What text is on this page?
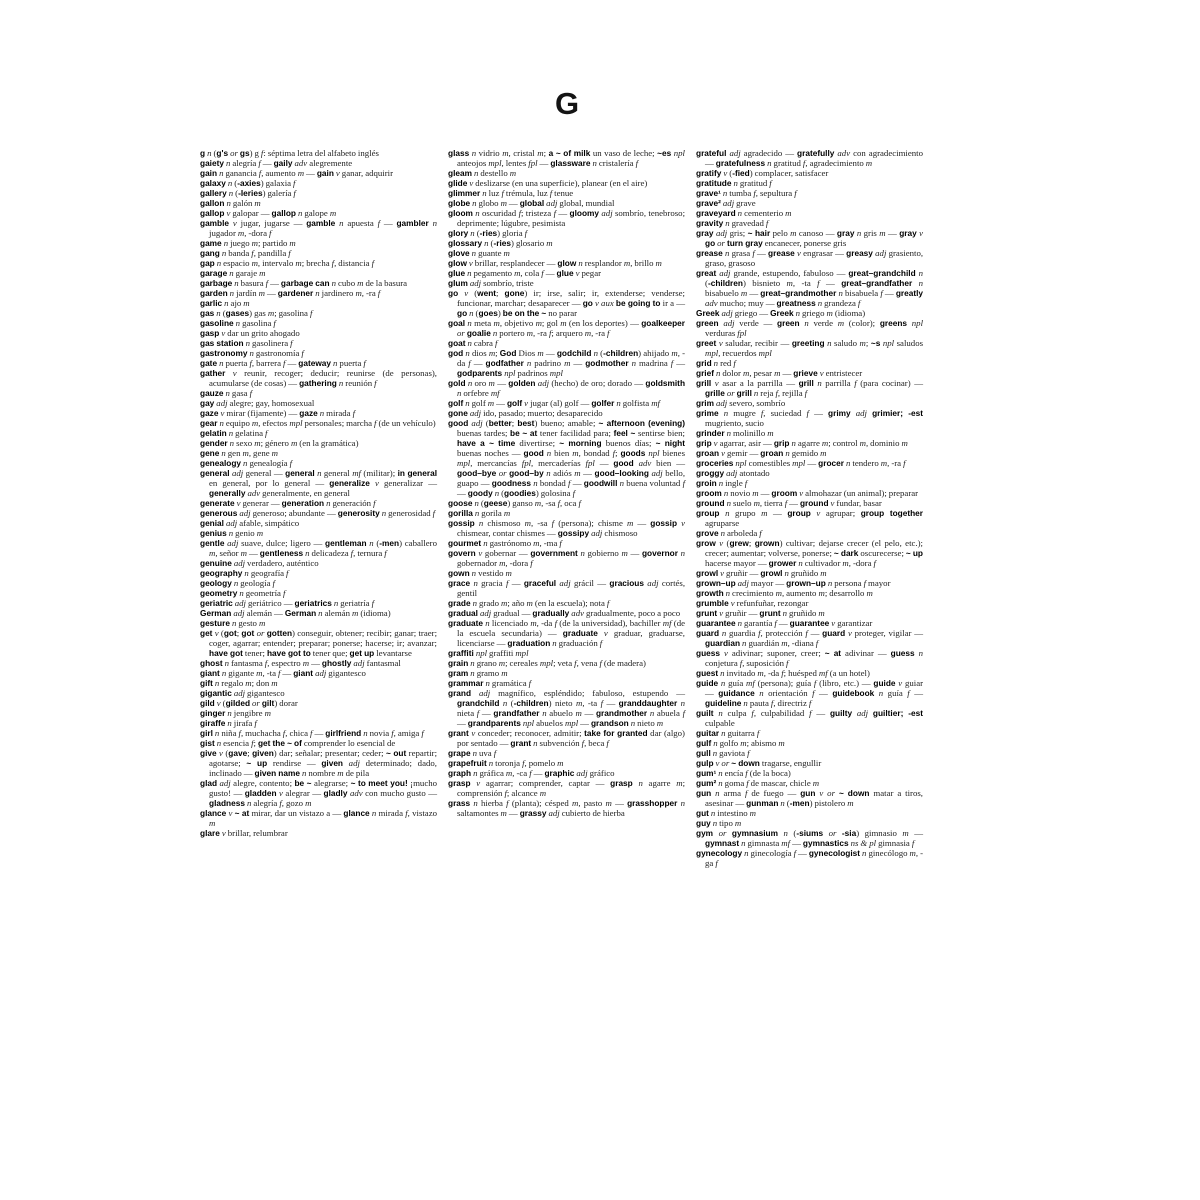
G

g n (g's or gs) g f: séptima letra del alfabeto inglés

gaiety n alegría f — gaily adv alegremente

gain n ganancia f, aumento m — gain v ganar, adquirir

galaxy n (-axies) galaxia f

gallery n (-leries) galería f

gallon n galón m

gallop v galopar — gallop n galope m

gamble v jugar, jugarse — gamble n apuesta f — gambler n jugador m, -dora f

game n juego m; partido m

gang n banda f, pandilla f

gap n espacio m, intervalo m; brecha f, distancia f

garage n garaje m

garbage n basura f — garbage can n cubo m de la basura

garden n jardín m — gardener n jardinero m, -ra f

garlic n ajo m

gas n (gases) gas m; gasolina f

gasoline n gasolina f

gasp v dar un grito ahogado

gas station n gasolinera f

gastronomy n gastronomía f

gate n puerta f, barrera f — gateway n puerta f

gather v reunir, recoger; deducir; reunirse (de personas), acumularse (de cosas) — gathering n reunión f

gauze n gasa f

gay adj alegre; gay, homosexual

gaze v mirar (fijamente) — gaze n mirada f

gear n equipo m, efectos mpl personales; marcha f (de un vehículo)

gelatin n gelatina f

gender n sexo m; género m (en la gramática)

gene n gen m, gene m

genealogy n genealogía f

general adj general — general n general mf (militar); in general en general, por lo general — generalize v generalizar — generally adv generalmente, en general

generate v generar — generation n generación f

generous adj generoso; abundante — generosity n generosidad f

genial adj afable, simpático

genius n genio m

gentle adj suave, dulce; ligero — gentleman n (-men) caballero m, señor m — gentleness n delicadeza f, ternura f

genuine adj verdadero, auténtico

geography n geografía f

geology n geología f

geometry n geometría f

geriatric adj geriátrico — geriatrics n geriatría f

German adj alemán — German n alemán m (idioma)

gesture n gesto m

get v (got; got or gotten) conseguir, obtener; recibir; ganar; traer; coger, agarrar; entender; preparar; ponerse; hacerse; ir; avanzar; have got tener; have got to tener que; get up levantarse

ghost n fantasma f, espectro m — ghostly adj fantasmal

giant n gigante m, -ta f — giant adj gigantesco

gift n regalo m; don m

gigantic adj gigantesco

gild v (gilded or gilt) dorar

ginger n jengibre m

giraffe n jirafa f

girl n niña f, muchacha f, chica f — girlfriend n novia f, amiga f

gist n esencia f; get the ~ of comprender lo esencial de

give v (gave; given) dar; señalar; presentar; ceder; ~ out repartir; agotarse; ~ up rendirse — given adj determinado; dado, inclinado — given name n nombre m de pila

glad adj alegre, contento; be ~ alegrarse; ~ to meet you! ¡mucho gusto! — gladden v alegrar — gladly adv con mucho gusto — gladness n alegría f, gozo m

glance v ~ at mirar, dar un vistazo a — glance n mirada f, vistazo m

glare v brillar, relumbrar

glass n vidrio m, cristal m; a ~ of milk un vaso de leche; ~es npl anteojos mpl, lentes fpl — glassware n cristalería f

gleam n destello m

glide v deslizarse (en una superficie), planear (en el aire)

glimmer n luz f trémula, luz f tenue

globe n globo m — global adj global, mundial

gloom n oscuridad f; tristeza f — gloomy adj sombrío, tenebroso; deprimente; lúgubre, pesimista

glory n (-ries) gloria f

glossary n (-ries) glosario m

glove n guante m

glow v brillar, resplandecer — glow n resplandor m, brillo m

glue n pegamento m, cola f — glue v pegar

glum adj sombrío, triste

go v (went; gone) ir; irse, salir; ir, extenderse; venderse; funcionar, marchar; desaparecer — go v aux be going to ir a — go n (goes) be on the ~ no parar

goal n meta m, objetivo m; gol m (en los deportes) — goalkeeper or goalie n portero m, -ra f; arquero m, -ra f

goat n cabra f

god n dios m; God Dios m — godchild n (-children) ahijado m, -da f — godfather n padrino m — godmother n madrina f — godparents npl padrinos mpl

gold n oro m — golden adj (hecho) de oro; dorado — goldsmith n orfebre mf

golf n golf m — golf v jugar (al) golf — golfer n golfista mf

gone adj ido, pasado; muerto; desaparecido

good adj (better; best) bueno; amable; ~ afternoon (evening) buenas tardes; be ~ at tener facilidad para; feel ~ sentirse bien; have a ~ time divertirse; ~ morning buenos días; ~ night buenas noches — good n bien m, bondad f; goods npl bienes mpl, mercancías fpl, mercaderías fpl — good adv bien — good–bye or good–by n adiós m — good–looking adj bello, guapo — goodness n bondad f — goodwill n buena voluntad f — goody n (goodies) golosina f

goose n (geese) ganso m, -sa f, oca f

gorilla n gorila m

gossip n chismoso m, -sa f (persona); chisme m — gossip v chismear, contar chismes — gossipy adj chismoso

gourmet n gastrónomo m, -ma f

govern v gobernar — government n gobierno m — governor n gobernador m, -dora f

gown n vestido m

grace n gracia f — graceful adj grácil — gracious adj cortés, gentil

grade n grado m; año m (en la escuela); nota f

gradual adj gradual — gradually adv gradualmente, poco a poco

graduate n licenciado m, -da f (de la universidad), bachiller mf (de la escuela secundaria) — graduate v graduar, graduarse, licenciarse — graduation n graduación f

graffiti npl graffiti mpl

grain n grano m; cereales mpl; veta f, vena f (de madera)

gram n gramo m

grammar n gramática f

grand adj magnífico, espléndido; fabuloso, estupendo — grandchild n (-children) nieto m, -ta f — granddaughter n nieta f — grandfather n abuelo m — grandmother n abuela f — grandparents npl abuelos mpl — grandson n nieto m

grant v conceder; reconocer, admitir; take for granted dar (algo) por sentado — grant n subvención f, beca f

grape n uva f

grapefruit n toronja f, pomelo m

graph n gráfica m, -ca f — graphic adj gráfico

grasp v agarrar; comprender, captar — grasp n agarre m; comprensión f; alcance m

grass n hierba f (planta); césped m, pasto m — grasshopper n saltamontes m — grassy adj cubierto de hierba

grateful adj agradecido — gratefully adv con agradecimiento — gratefulness n gratitud f, agradecimiento m

gratify v (-fied) complacer, satisfacer

gratitude n gratitud f

grave¹ n tumba f, sepultura f

grave² adj grave

graveyard n cementerio m

gravity n gravedad f

gray adj gris; ~ hair pelo m canoso — gray n gris m — gray v go or turn gray encanecer, ponerse gris

grease n grasa f — grease v engrasar — greasy adj grasiento, graso, grasoso

great adj grande, estupendo, fabuloso — great–grandchild n (-children) bisnieto m, -ta f — great–grandfather n bisabuelo m — great–grandmother n bisabuela f — greatly adv mucho; muy — greatness n grandeza f

Greek adj griego — Greek n griego m (idioma)

green adj verde — green n verde m (color); greens npl verduras fpl

greet v saludar, recibir — greeting n saludo m; ~s npl saludos mpl, recuerdos mpl

grid n red f

grief n dolor m, pesar m — grieve v entristecer

grill v asar a la parrilla — grill n parrilla f (para cocinar) — grille or grill n reja f, rejilla f

grim adj severo, sombrío

grime n mugre f, suciedad f — grimy adj grimier; -est mugriento, sucio

grinder n molinillo m

grip v agarrar, asir — grip n agarre m; control m, dominio m

groan v gemir — groan n gemido m

groceries npl comestibles mpl — grocer n tendero m, -ra f

groggy adj atontado

groin n ingle f

groom n novio m — groom v almohazar (un animal); preparar

ground n suelo m, tierra f — ground v fundar, basar

group n grupo m — group v agrupar; group together agruparse

grove n arboleda f

grow v (grew; grown) cultivar; dejarse crecer (el pelo, etc.); crecer; aumentar; volverse, ponerse; ~ dark oscurecerse; ~ up hacerse mayor — grower n cultivador m, -dora f

growl v gruñir — growl n gruñido m

grown–up adj mayor — grown–up n persona f mayor

growth n crecimiento m, aumento m; desarrollo m

grumble v refunfuñar, rezongar

grunt v gruñir — grunt n gruñido m

guarantee n garantía f — guarantee v garantizar

guard n guardia f, protección f — guard v proteger, vigilar — guardian n guardián m, -diana f

guess v adivinar; suponer, creer; ~ at adivinar — guess n conjetura f, suposición f

guest n invitado m, -da f; huésped mf (a un hotel)

guide n guía mf (persona); guía f (libro, etc.) — guide v guiar — guidance n orientación f — guidebook n guía f — guideline n pauta f, directriz f

guilt n culpa f, culpabilidad f — guilty adj guiltier; -est culpable

guitar n guitarra f

gulf n golfo m; abismo m

gull n gaviota f

gulp v or ~ down tragarse, engullir

gum¹ n encía f (de la boca)

gum² n goma f de mascar, chicle m

gun n arma f de fuego — gun v or ~ down matar a tiros, asesinar — gunman n (-men) pistolero m

gut n intestino m

guy n tipo m

gym or gymnasium n (-siums or -sia) gimnasio m — gymnast n gimnasta mf — gymnastics ns & pl gimnasia f

gynecology n ginecología f — gynecologist n ginecólogo m, -ga f
